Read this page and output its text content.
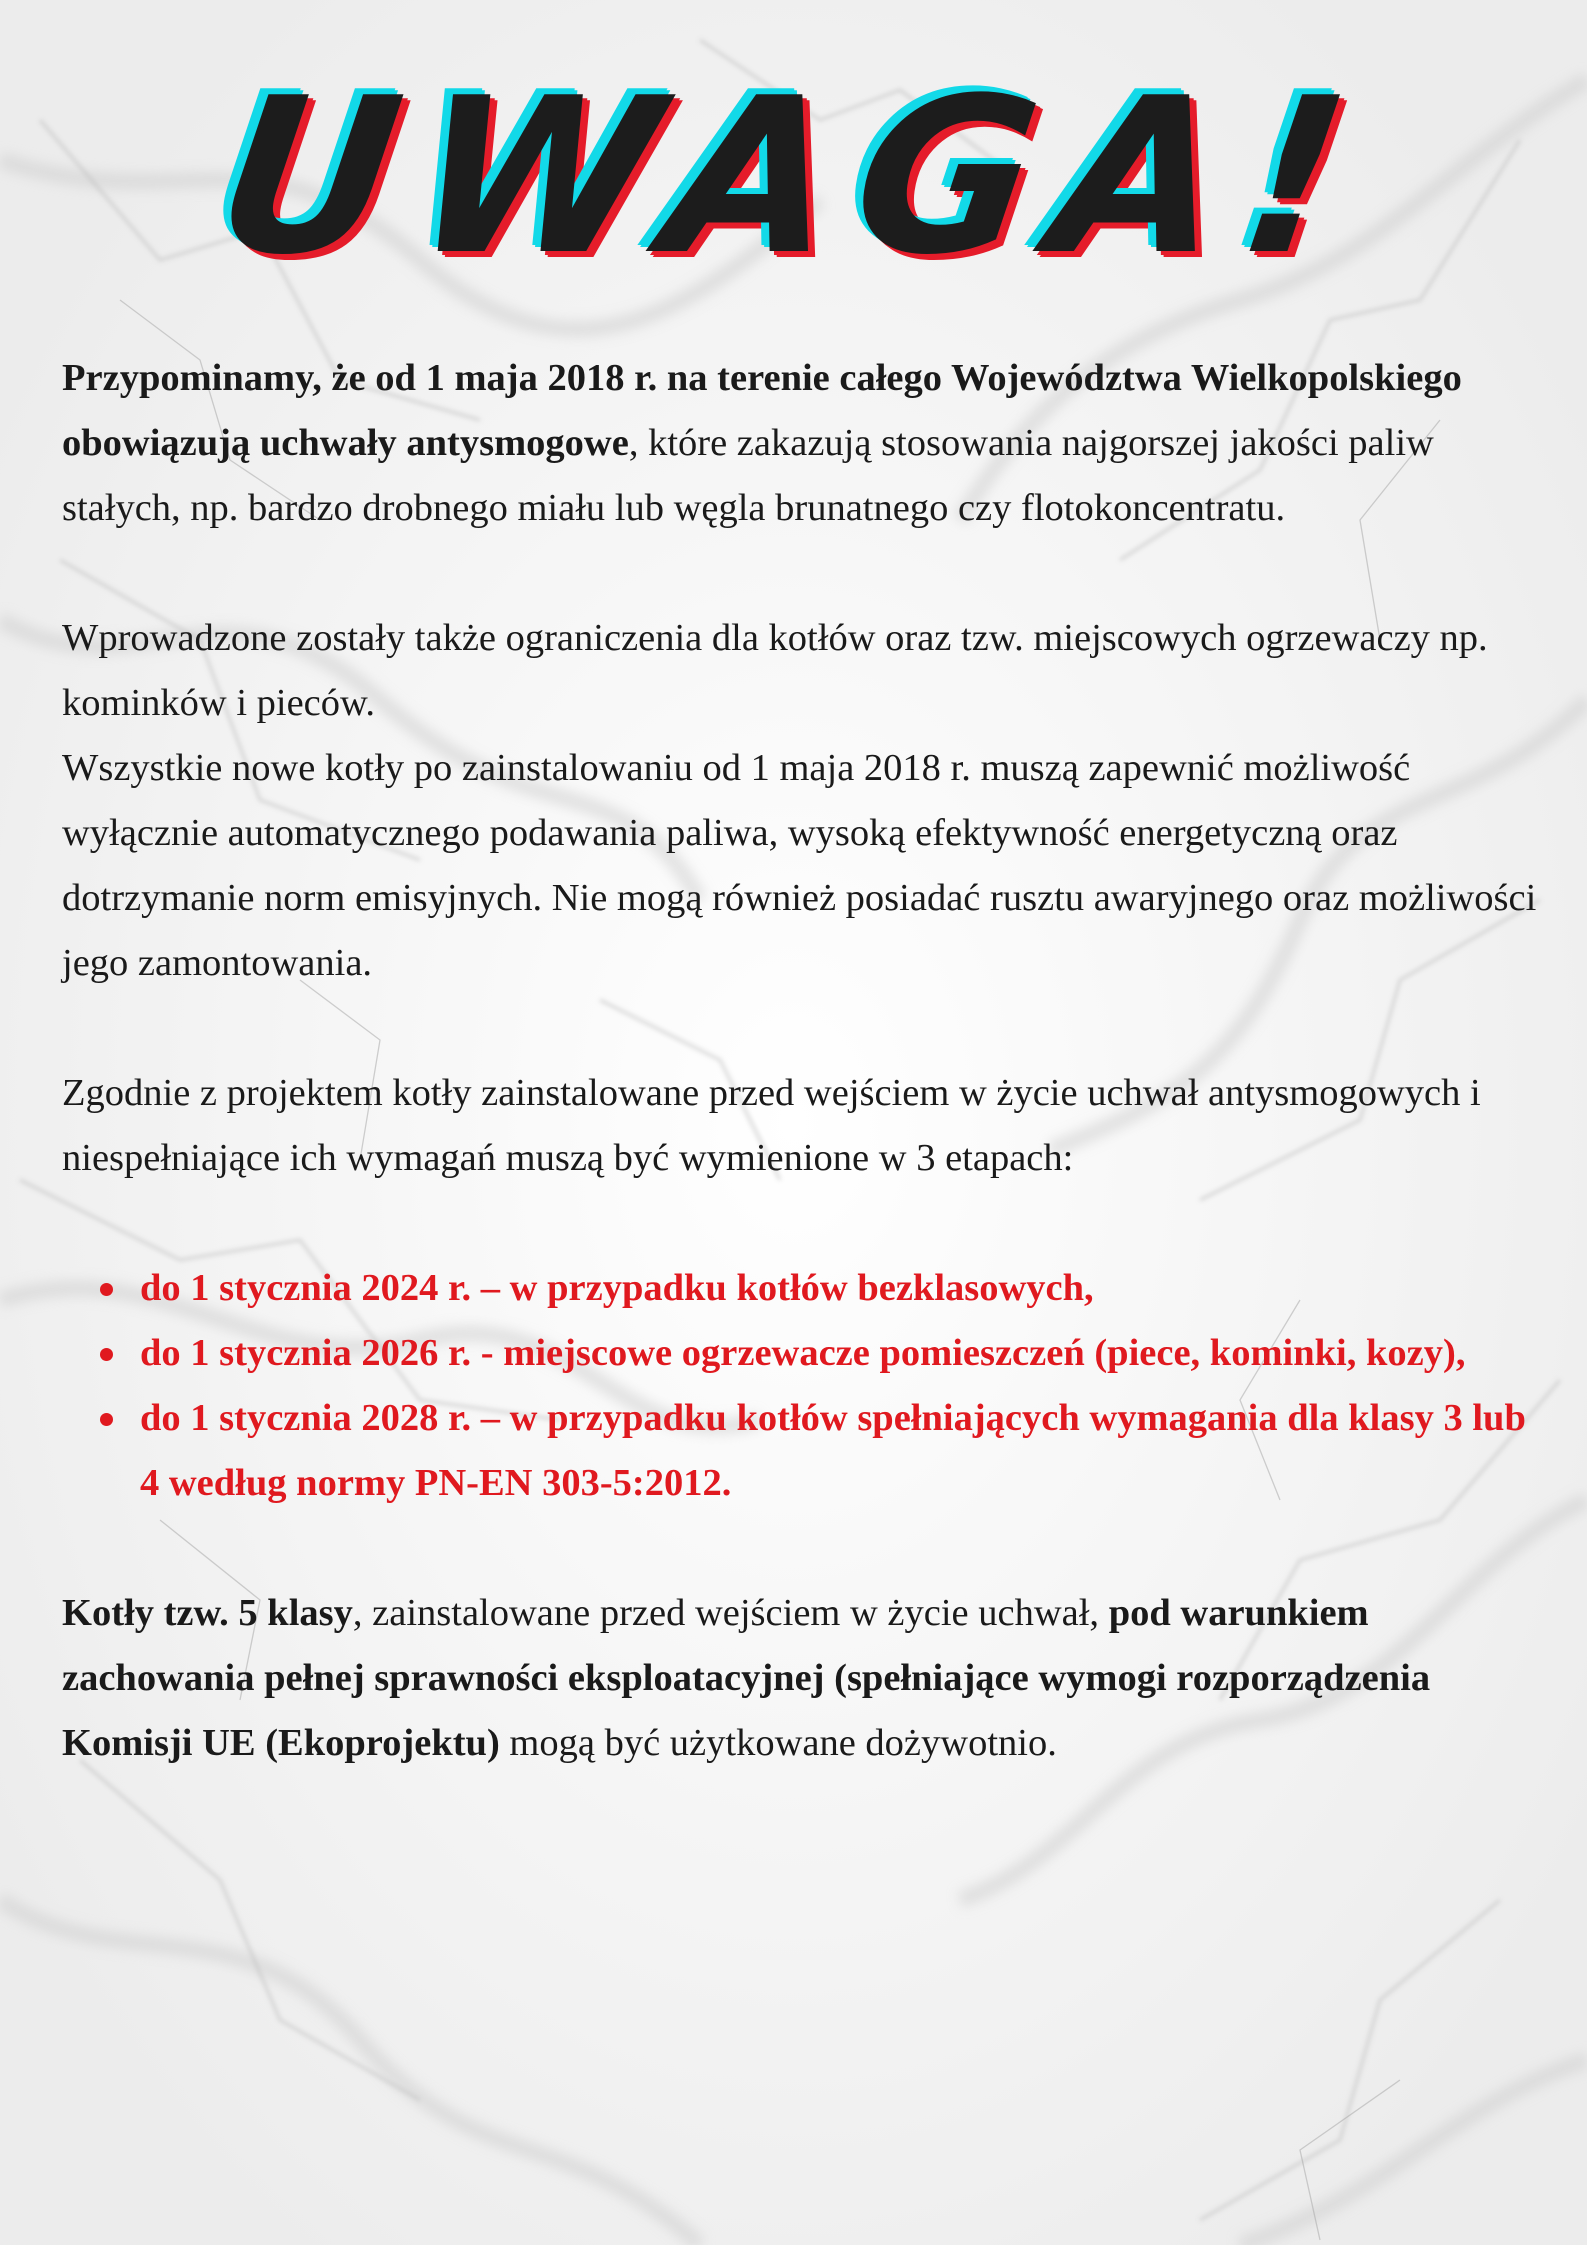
UWAGA!

Przypominamy, że od 1 maja 2018 r. na terenie całego Województwa Wielkopolskiego obowiązują uchwały antysmogowe, które zakazują stosowania najgorszej jakości paliw stałych, np. bardzo drobnego miału lub węgla brunatnego czy flotokoncentratu.

Wprowadzone zostały także ograniczenia dla kotłów oraz tzw. miejscowych ogrzewaczy np. kominków i pieców.

Wszystkie nowe kotły po zainstalowaniu od 1 maja 2018 r. muszą zapewnić możliwość wyłącznie automatycznego podawania paliwa, wysoką efektywność energetyczną oraz dotrzymanie norm emisyjnych. Nie mogą również posiadać rusztu awaryjnego oraz możliwości jego zamontowania.

Zgodnie z projektem kotły zainstalowane przed wejściem w życie uchwał antysmogowych i niespełniające ich wymagań muszą być wymienione w 3 etapach:

do 1 stycznia 2024 r. – w przypadku kotłów bezklasowych,
do 1 stycznia 2026 r. - miejscowe ogrzewacze pomieszczeń (piece, kominki, kozy),
do 1 stycznia 2028 r. – w przypadku kotłów spełniających wymagania dla klasy 3 lub 4 według normy PN-EN 303-5:2012.

Kotły tzw. 5 klasy, zainstalowane przed wejściem w życie uchwał, pod warunkiem zachowania pełnej sprawności eksploatacyjnej (spełniające wymogi rozporządzenia Komisji UE (Ekoprojektu) mogą być użytkowane dożywotnio.
